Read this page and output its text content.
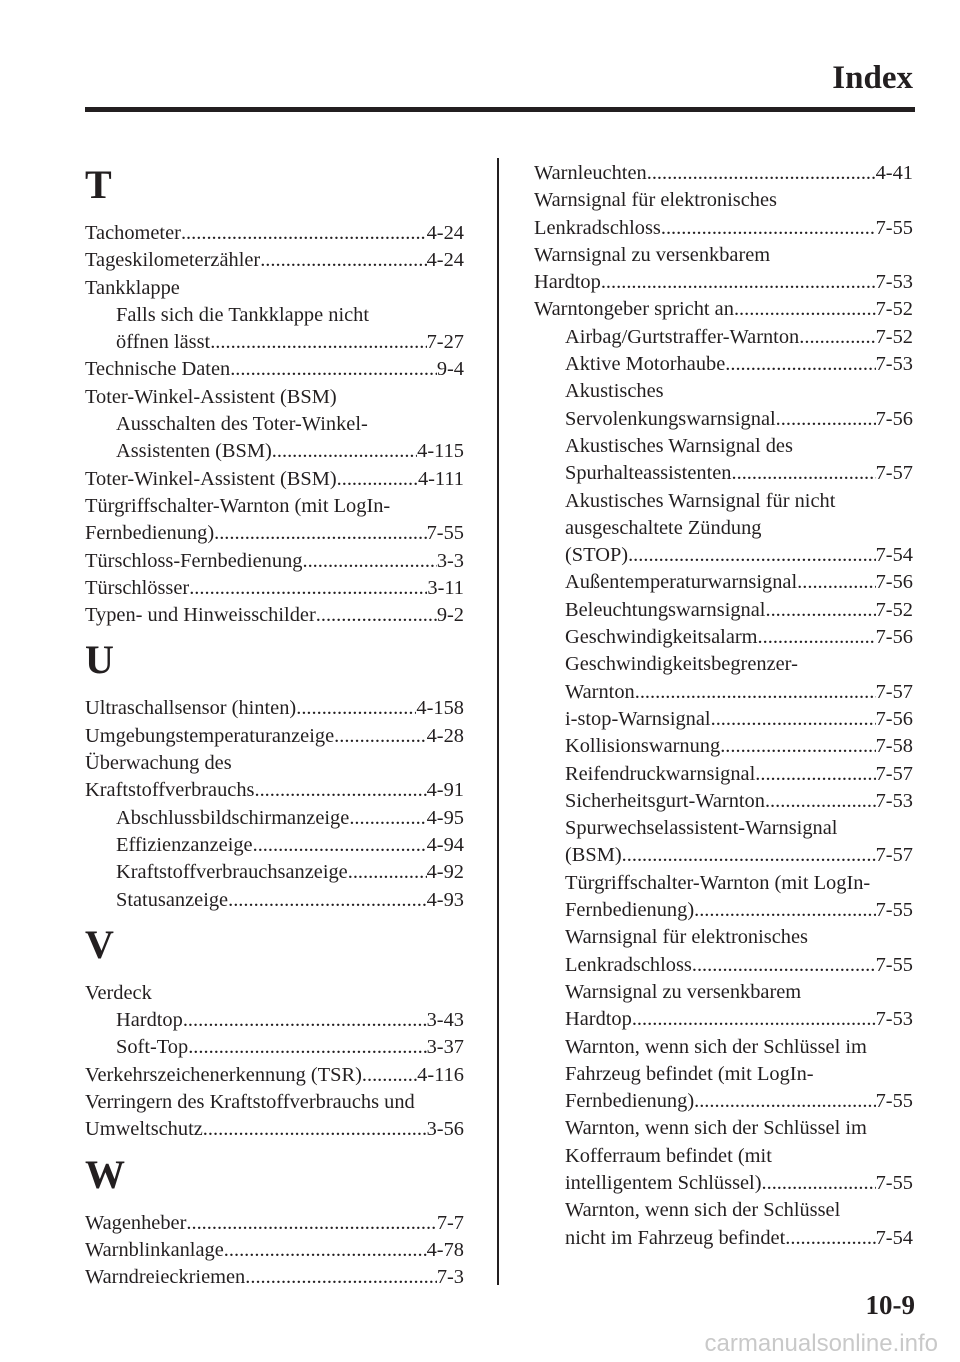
Index
T
Tachometer .....	4-24
Tageskilometerzähler .....	4-24
Tankklappe
Falls sich die Tankklappe nicht
öffnen lässt .....	7-27
Technische Daten .....	9-4
Toter-Winkel-Assistent (BSM)
Ausschalten des Toter-Winkel-
Assistenten (BSM) .....	4-115
Toter-Winkel-Assistent (BSM) .....	4-111
Türgriffschalter-Warnton (mit LogIn-
Fernbedienung) .....	7-55
Türschloss-Fernbedienung .....	3-3
Türschlösser .....	3-11
Typen- und Hinweisschilder .....	9-2
U
Ultraschallsensor (hinten) .....	4-158
Umgebungstemperaturanzeige .....	4-28
Überwachung des
Kraftstoffverbrauchs .....	4-91
Abschlussbildschirmanzeige .....	4-95
Effizienzanzeige .....	4-94
Kraftstoffverbrauchsanzeige .....	4-92
Statusanzeige .....	4-93
V
Verdeck
Hardtop .....	3-43
Soft-Top .....	3-37
Verkehrszeichenerkennung (TSR) .....	4-116
Verringern des Kraftstoffverbrauchs und
Umweltschutz .....	3-56
W
Wagenheber .....	7-7
Warnblinkanlage .....	4-78
Warndreieckriemen .....	7-3
Warnleuchten .....	4-41
Warnsignal für elektronisches
Lenkradschloss .....	7-55
Warnsignal zu versenkbarem
Hardtop .....	7-53
Warntongeber spricht an .....	7-52
Airbag/Gurtstraffer-Warnton .....	7-52
Aktive Motorhaube .....	7-53
Akustisches
Servolenkungswarnsignal .....	7-56
Akustisches Warnsignal des
Spurhalteassistenten .....	7-57
Akustisches Warnsignal für nicht
ausgeschaltete Zündung
(STOP) .....	7-54
Außentemperaturwarnsignal .....	7-56
Beleuchtungswarnsignal .....	7-52
Geschwindigkeitsalarm .....	7-56
Geschwindigkeitsbegrenzer-
Warnton .....	7-57
i-stop-Warnsignal .....	7-56
Kollisionswarnung .....	7-58
Reifendruckwarnsignal .....	7-57
Sicherheitsgurt-Warnton .....	7-53
Spurwechselassistent-Warnsignal
(BSM) .....	7-57
Türgriffschalter-Warnton (mit LogIn-
Fernbedienung) .....	7-55
Warnsignal für elektronisches
Lenkradschloss .....	7-55
Warnsignal zu versenkbarem
Hardtop .....	7-53
Warnton, wenn sich der Schlüssel im
Fahrzeug befindet (mit LogIn-
Fernbedienung) .....	7-55
Warnton, wenn sich der Schlüssel im
Kofferraum befindet (mit
intelligentem Schlüssel) .....	7-55
Warnton, wenn sich der Schlüssel
nicht im Fahrzeug befindet .....	7-54
10-9
carmanualsonline.info
